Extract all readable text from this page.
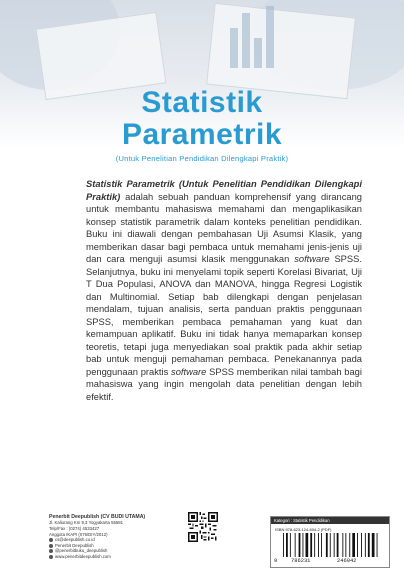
Statistik
Parametrik
(Untuk Penelitian Pendidikan Dilengkapi Praktik)
Statistik Parametrik (Untuk Penelitian Pendidikan Dilengkapi Praktik) adalah sebuah panduan komprehensif yang dirancang untuk membantu mahasiswa memahami dan mengaplikasikan konsep statistik parametrik dalam konteks penelitian pendidikan. Buku ini diawali dengan pembahasan Uji Asumsi Klasik, yang memberikan dasar bagi pembaca untuk memahami jenis-jenis uji dan cara menguji asumsi klasik menggunakan software SPSS. Selanjutnya, buku ini menyelami topik seperti Korelasi Bivariat, Uji T Dua Populasi, ANOVA dan MANOVA, hingga Regresi Logistik dan Multinomial. Setiap bab dilengkapi dengan penjelasan mendalam, tujuan analisis, serta panduan praktis penggunaan SPSS, memberikan pembaca pemahaman yang kuat dan kemampuan aplikatif. Buku ini tidak hanya memaparkan konsep teoretis, tetapi juga menyediakan soal praktik pada akhir setiap bab untuk menguji pemahaman pembaca. Penekanannya pada penggunaan praktis software SPSS memberikan nilai tambah bagi mahasiswa yang ingin mengolah data penelitian dengan lebih efektif.
Penerbit Deepublish (CV BUDI UTAMA)
Jl. Kaliurang Km 9,3 Yogyakarta 55581
Telp/Fax : (0274) 4533427
Anggota IKAPI (076/DIY/2012)
cs@deepublish.co.id
Penerbit Deepublish
@penerbitbuku_deepublish
www.penerbitdeepublish.com
Kategori : Statistik Pendidikan
ISBN 978-623-124-604-2 (PDF)
9	786231	246042
